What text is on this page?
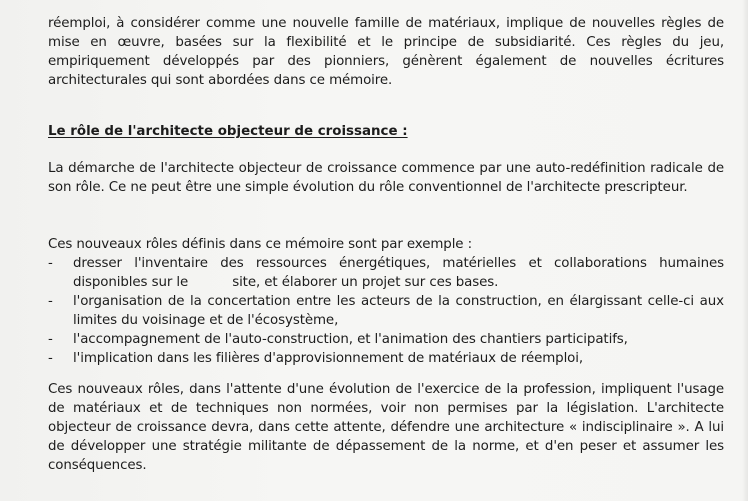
réemploi, à considérer comme une nouvelle famille de matériaux, implique de nouvelles règles de mise en œuvre, basées sur la flexibilité et le principe de subsidiarité. Ces règles du jeu, empiriquement développés par des pionniers, génèrent également de nouvelles écritures architecturales qui sont abordées dans ce mémoire.
Le rôle de l'architecte objecteur de croissance :
La démarche de l'architecte objecteur de croissance commence par une auto-redéfinition radicale de son rôle. Ce ne peut être une simple évolution du rôle conventionnel de l'architecte prescripteur.
Ces nouveaux rôles définis dans ce mémoire sont par exemple :
- dresser l'inventaire des ressources énergétiques, matérielles et collaborations humaines disponibles sur le	site, et élaborer un projet sur ces bases.
- l'organisation de la concertation entre les acteurs de la construction, en élargissant celle-ci aux limites du voisinage et de l'écosystème,
- l'accompagnement de l'auto-construction, et l'animation des chantiers participatifs,
- l'implication dans les filières d'approvisionnement de matériaux de réemploi,
Ces nouveaux rôles, dans l'attente d'une évolution de l'exercice de la profession, impliquent l'usage de matériaux et de techniques non normées, voir non permises par la législation. L'architecte objecteur de croissance devra, dans cette attente, défendre une architecture « indisciplinaire ». A lui de développer une stratégie militante de dépassement de la norme, et d'en peser et assumer les conséquences.
